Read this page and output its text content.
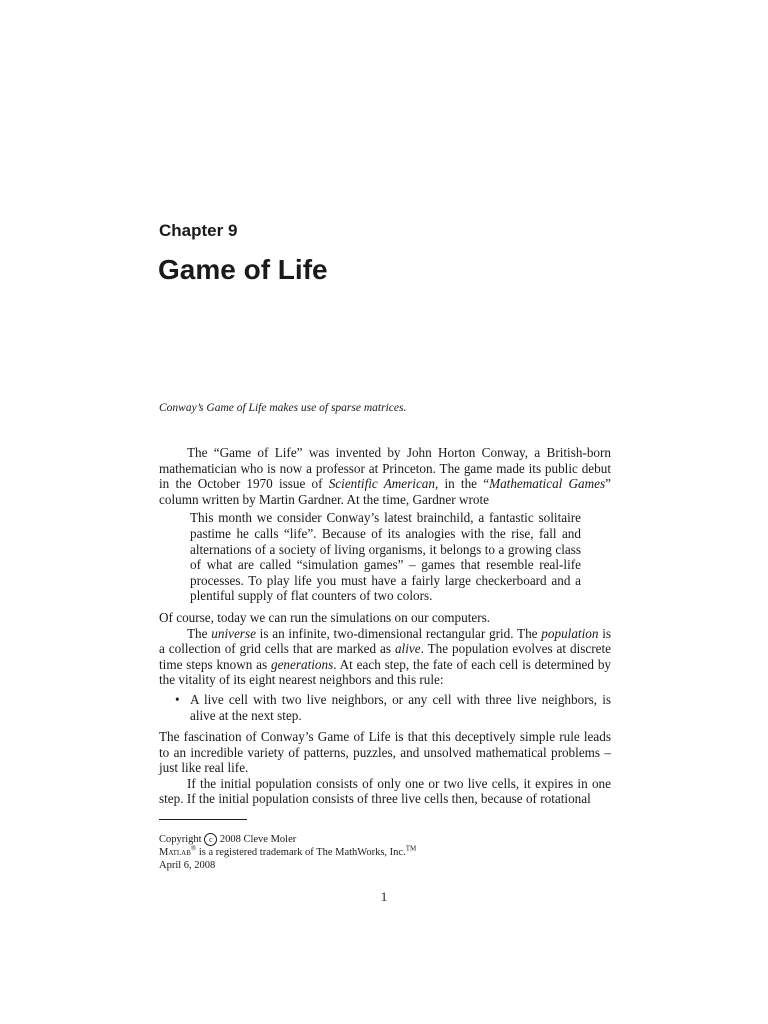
Chapter 9
Game of Life
Conway’s Game of Life makes use of sparse matrices.

The “Game of Life” was invented by John Horton Conway, a British-born mathematician who is now a professor at Princeton. The game made its public debut in the October 1970 issue of Scientific American, in the “Mathematical Games” column written by Martin Gardner. At the time, Gardner wrote

This month we consider Conway’s latest brainchild, a fantastic solitaire pastime he calls “life”. Because of its analogies with the rise, fall and alternations of a society of living organisms, it belongs to a growing class of what are called “simulation games” – games that resemble real-life processes. To play life you must have a fairly large checkerboard and a plentiful supply of flat counters of two colors.

Of course, today we can run the simulations on our computers.

The universe is an infinite, two-dimensional rectangular grid. The population is a collection of grid cells that are marked as alive. The population evolves at discrete time steps known as generations. At each step, the fate of each cell is determined by the vitality of its eight nearest neighbors and this rule:

• A live cell with two live neighbors, or any cell with three live neighbors, is alive at the next step.

The fascination of Conway’s Game of Life is that this deceptively simple rule leads to an incredible variety of patterns, puzzles, and unsolved mathematical problems – just like real life.

If the initial population consists of only one or two live cells, it expires in one step. If the initial population consists of three live cells then, because of rotational

Copyright c 2008 Cleve Moler
Matlab® is a registered trademark of The MathWorks, Inc.™
April 6, 2008
1
